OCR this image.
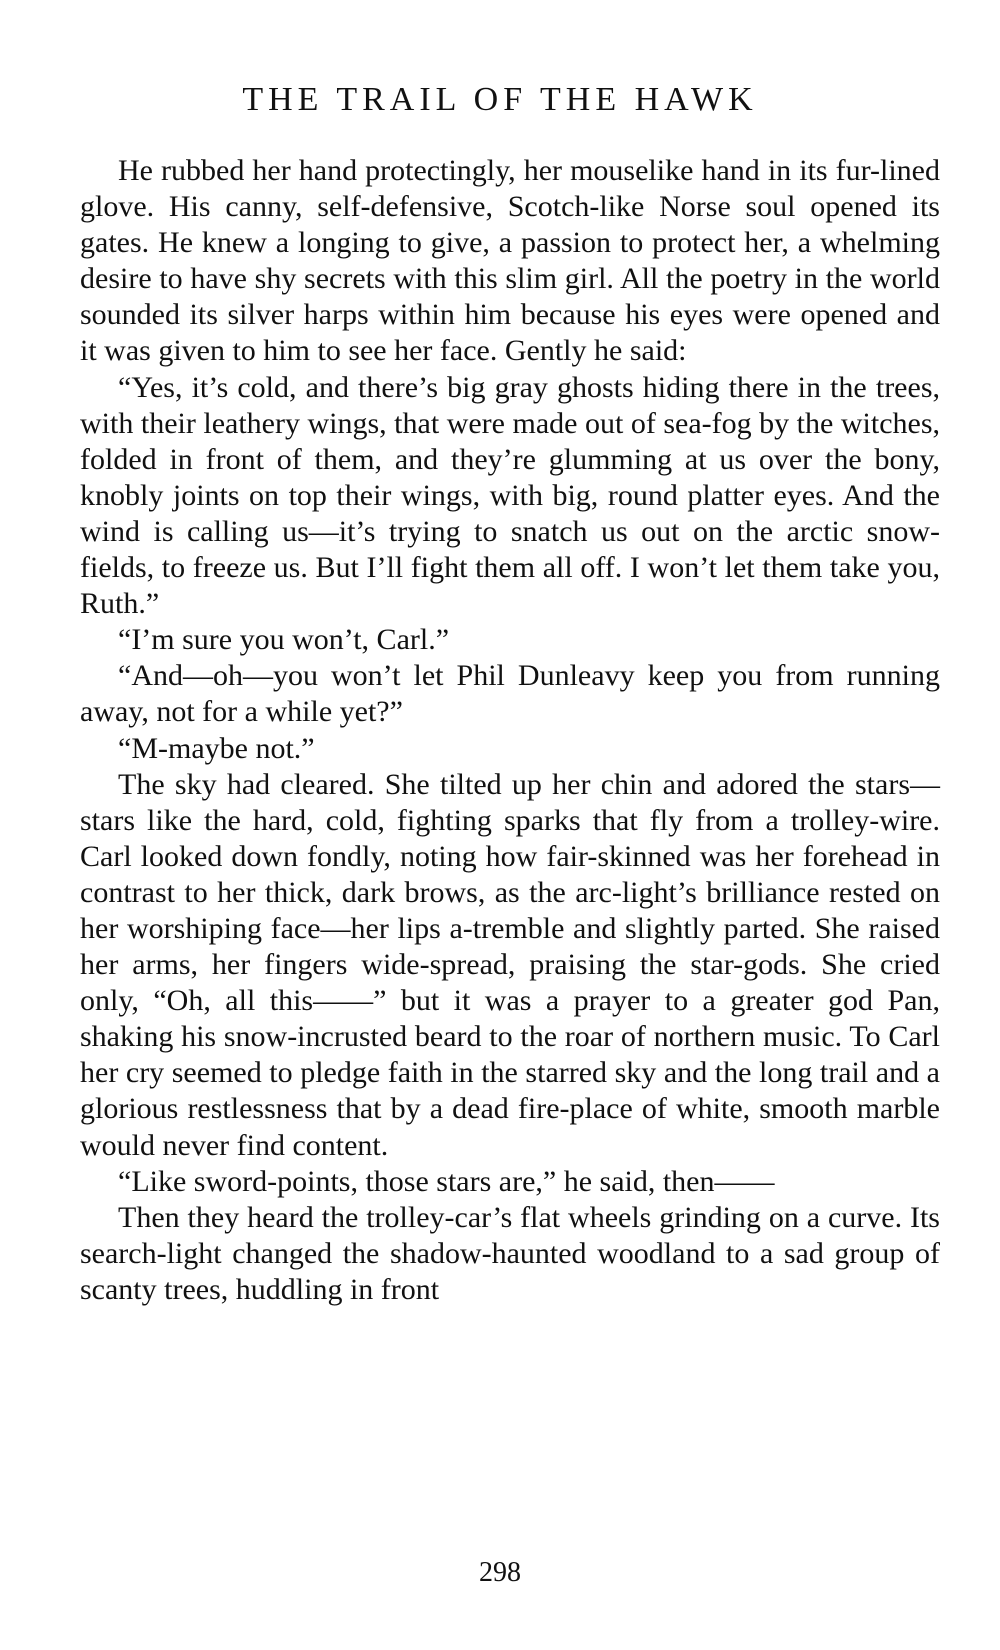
THE TRAIL OF THE HAWK

He rubbed her hand protectingly, her mouselike hand in its fur-lined glove. His canny, self-defensive, Scotch-like Norse soul opened its gates. He knew a longing to give, a passion to protect her, a whelming desire to have shy secrets with this slim girl. All the poetry in the world sounded its silver harps within him because his eyes were opened and it was given to him to see her face. Gently he said:

“Yes, it’s cold, and there’s big gray ghosts hiding there in the trees, with their leathery wings, that were made out of sea-fog by the witches, folded in front of them, and they’re glumming at us over the bony, knobly joints on top their wings, with big, round platter eyes. And the wind is calling us—it’s trying to snatch us out on the arctic snow-fields, to freeze us. But I’ll fight them all off. I won’t let them take you, Ruth.”

“I’m sure you won’t, Carl.”

“And—oh—you won’t let Phil Dunleavy keep you from running away, not for a while yet?”

“M-maybe not.”

The sky had cleared. She tilted up her chin and adored the stars—stars like the hard, cold, fighting sparks that fly from a trolley-wire. Carl looked down fondly, noting how fair-skinned was her forehead in contrast to her thick, dark brows, as the arc-light’s brilliance rested on her worshiping face—her lips a-tremble and slightly parted. She raised her arms, her fingers wide-spread, praising the star-gods. She cried only, “Oh, all this——” but it was a prayer to a greater god Pan, shaking his snow-incrusted beard to the roar of northern music. To Carl her cry seemed to pledge faith in the starred sky and the long trail and a glorious restlessness that by a dead fire-place of white, smooth marble would never find content.

“Like sword-points, those stars are,” he said, then——

Then they heard the trolley-car’s flat wheels grinding on a curve. Its search-light changed the shadow-haunted woodland to a sad group of scanty trees, huddling in front

298
